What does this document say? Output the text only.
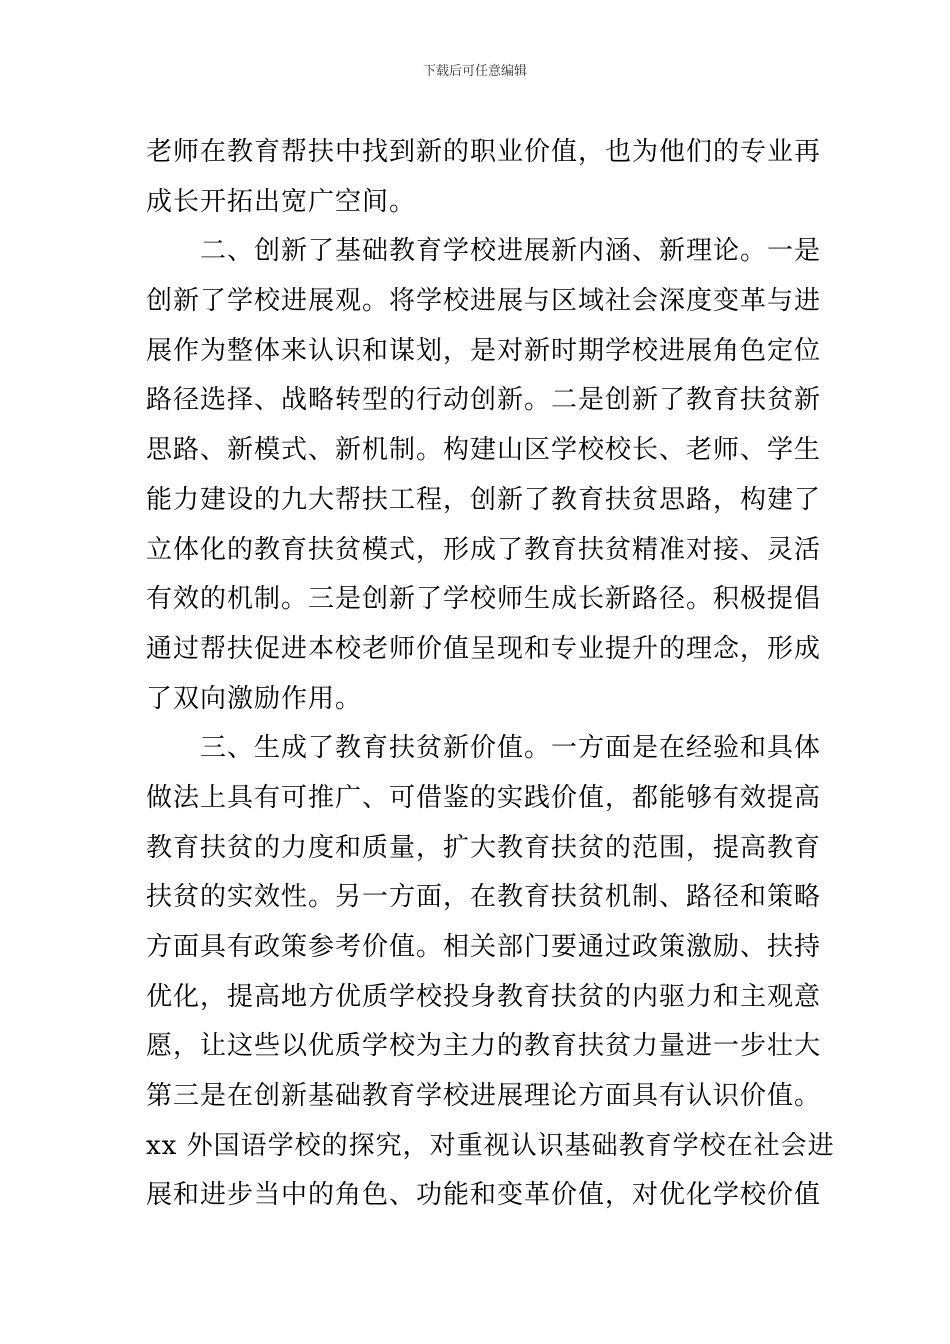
下载后可任意编辑
老师在教育帮扶中找到新的职业价值，也为他们的专业再
成长开拓出宽广空间。
二、创新了基础教育学校进展新内涵、新理论。一是
创新了学校进展观。将学校进展与区域社会深度变革与进
展作为整体来认识和谋划，是对新时期学校进展角色定位
路径选择、战略转型的行动创新。二是创新了教育扶贫新
思路、新模式、新机制。构建山区学校校长、老师、学生
能力建设的九大帮扶工程，创新了教育扶贫思路，构建了
立体化的教育扶贫模式，形成了教育扶贫精准对接、灵活
有效的机制。三是创新了学校师生成长新路径。积极提倡
通过帮扶促进本校老师价值呈现和专业提升的理念，形成
了双向激励作用。
三、生成了教育扶贫新价值。一方面是在经验和具体
做法上具有可推广、可借鉴的实践价值，都能够有效提高
教育扶贫的力度和质量，扩大教育扶贫的范围，提高教育
扶贫的实效性。另一方面，在教育扶贫机制、路径和策略
方面具有政策参考价值。相关部门要通过政策激励、扶持
优化，提高地方优质学校投身教育扶贫的内驱力和主观意
愿，让这些以优质学校为主力的教育扶贫力量进一步壮大
第三是在创新基础教育学校进展理论方面具有认识价值。
xx 外国语学校的探究，对重视认识基础教育学校在社会进
展和进步当中的角色、功能和变革价值，对优化学校价值
